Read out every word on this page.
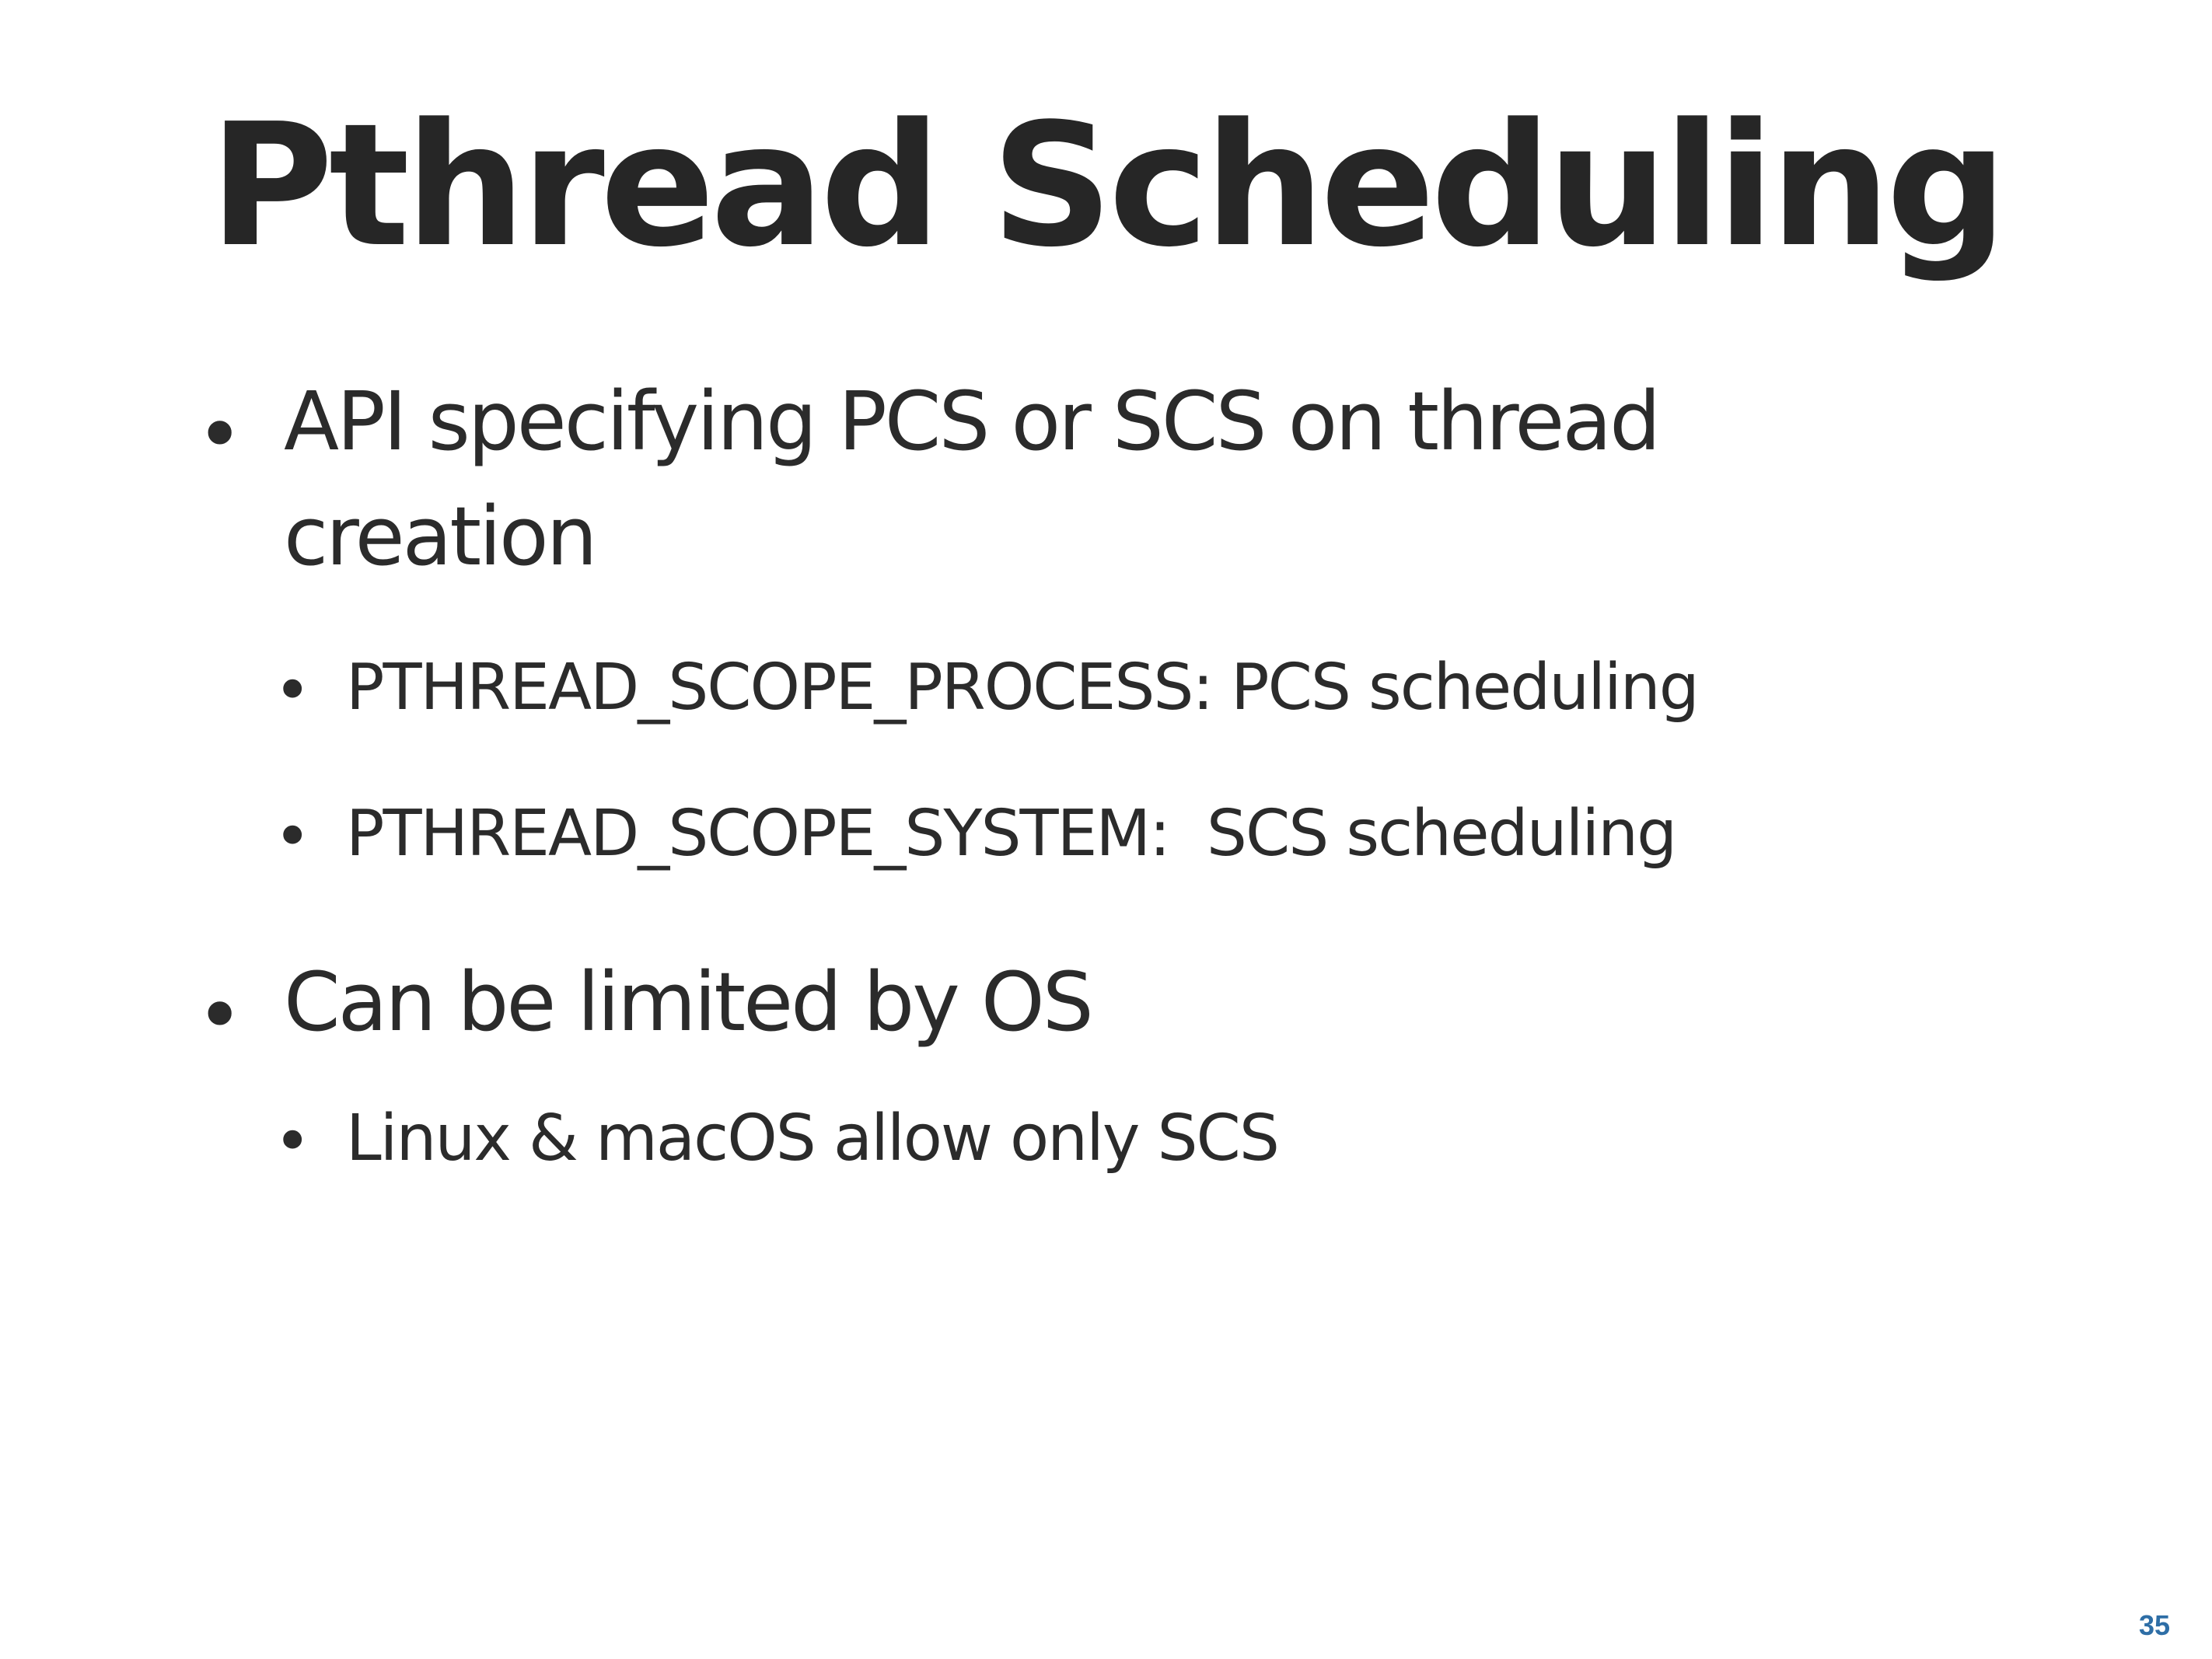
Pthread Scheduling
• API specifying PCS or SCS on thread
creation
• PTHREAD_SCOPE_PROCESS: PCS scheduling
• PTHREAD_SCOPE_SYSTEM:  SCS scheduling
• Can be limited by OS
• Linux & macOS allow only SCS
35
